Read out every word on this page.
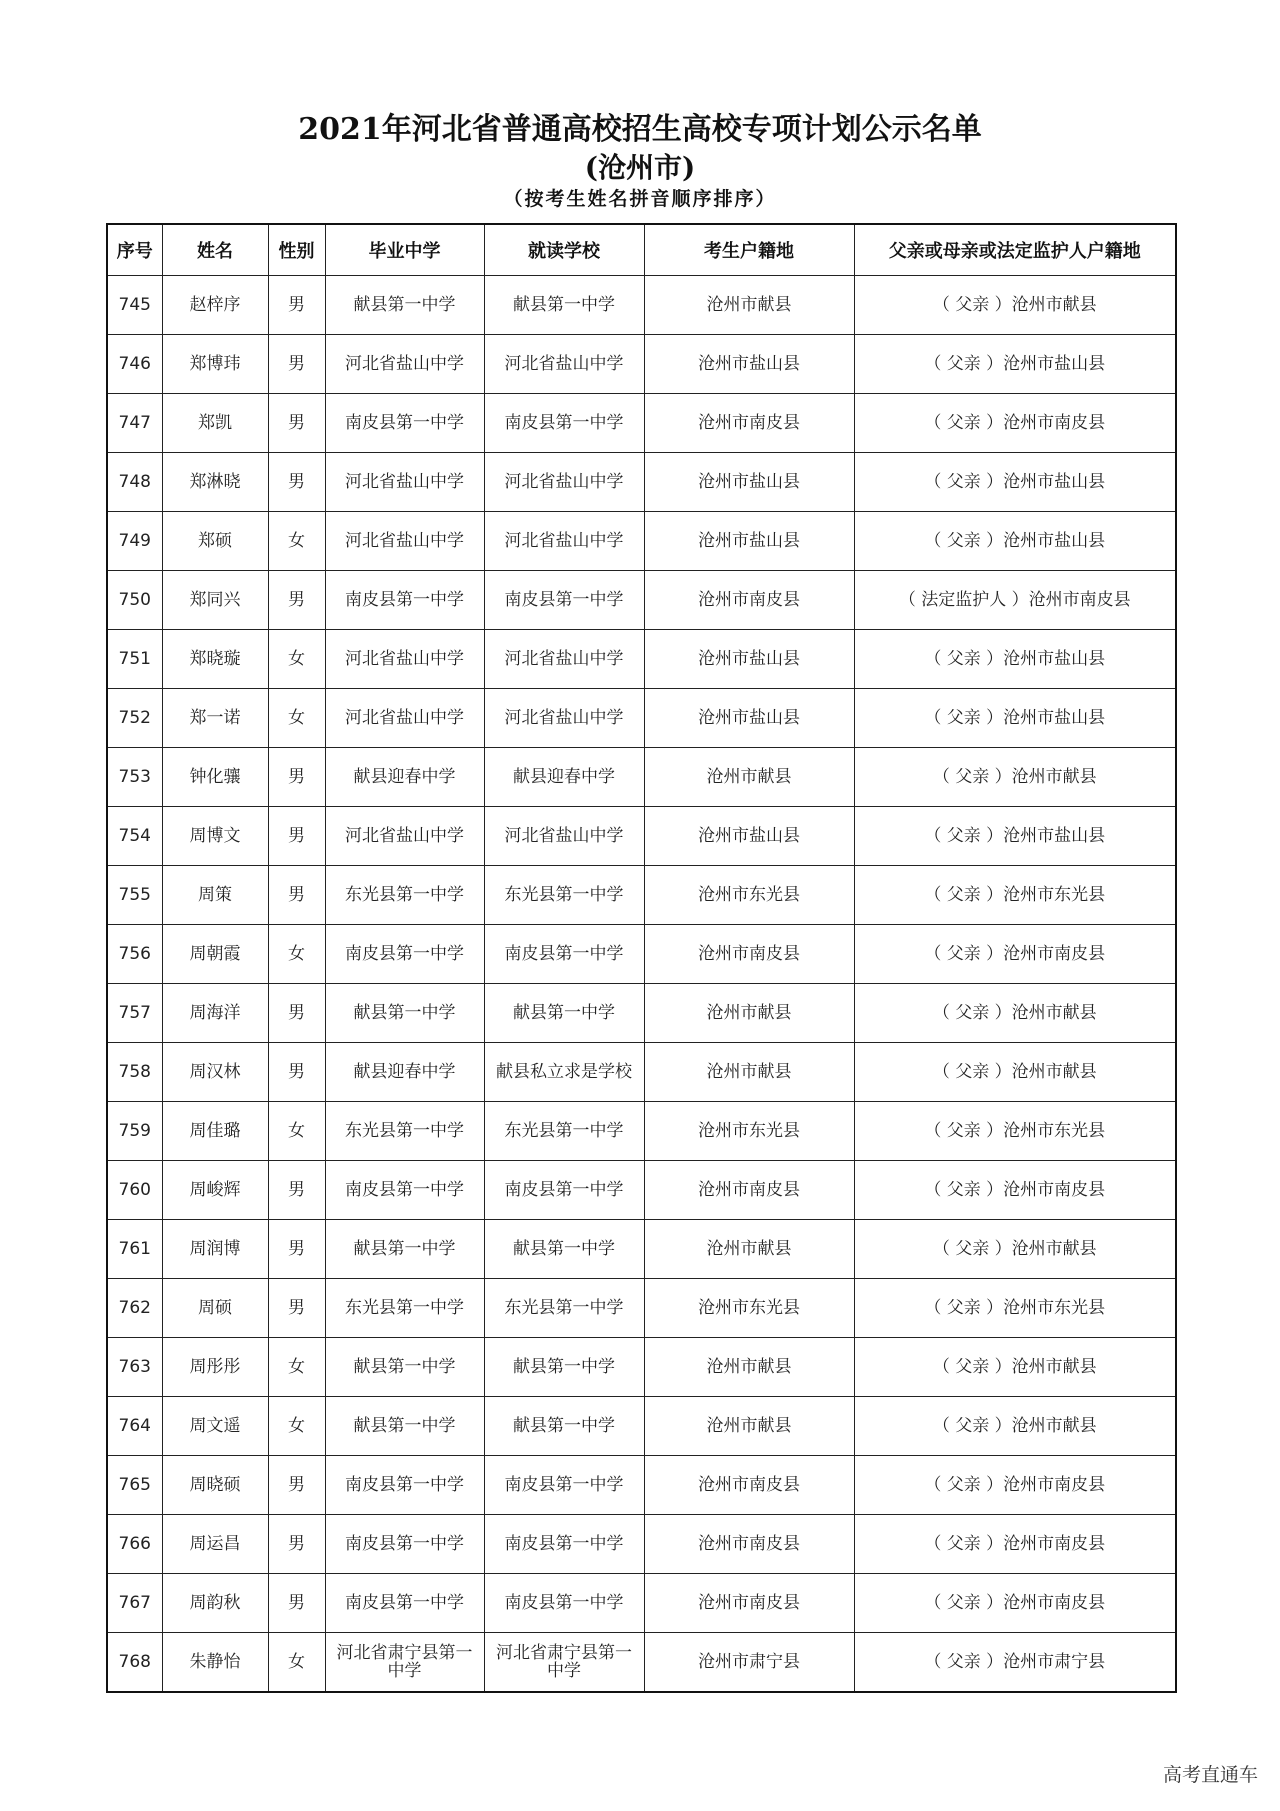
2021年河北省普通高校招生高校专项计划公示名单
(沧州市)
（按考生姓名拼音顺序排序）
序号	姓名	性别	毕业中学	就读学校	考生户籍地	父亲或母亲或法定监护人户籍地
745	赵梓序	男	献县第一中学	献县第一中学	沧州市献县	（ 父亲 ）沧州市献县
746	郑博玮	男	河北省盐山中学	河北省盐山中学	沧州市盐山县	（ 父亲 ）沧州市盐山县
747	郑凯	男	南皮县第一中学	南皮县第一中学	沧州市南皮县	（ 父亲 ）沧州市南皮县
748	郑淋晓	男	河北省盐山中学	河北省盐山中学	沧州市盐山县	（ 父亲 ）沧州市盐山县
749	郑硕	女	河北省盐山中学	河北省盐山中学	沧州市盐山县	（ 父亲 ）沧州市盐山县
750	郑同兴	男	南皮县第一中学	南皮县第一中学	沧州市南皮县	（ 法定监护人 ）沧州市南皮县
751	郑晓璇	女	河北省盐山中学	河北省盐山中学	沧州市盐山县	（ 父亲 ）沧州市盐山县
752	郑一诺	女	河北省盐山中学	河北省盐山中学	沧州市盐山县	（ 父亲 ）沧州市盐山县
753	钟化骧	男	献县迎春中学	献县迎春中学	沧州市献县	（ 父亲 ）沧州市献县
754	周博文	男	河北省盐山中学	河北省盐山中学	沧州市盐山县	（ 父亲 ）沧州市盐山县
755	周策	男	东光县第一中学	东光县第一中学	沧州市东光县	（ 父亲 ）沧州市东光县
756	周朝霞	女	南皮县第一中学	南皮县第一中学	沧州市南皮县	（ 父亲 ）沧州市南皮县
757	周海洋	男	献县第一中学	献县第一中学	沧州市献县	（ 父亲 ）沧州市献县
758	周汉林	男	献县迎春中学	献县私立求是学校	沧州市献县	（ 父亲 ）沧州市献县
759	周佳璐	女	东光县第一中学	东光县第一中学	沧州市东光县	（ 父亲 ）沧州市东光县
760	周峻辉	男	南皮县第一中学	南皮县第一中学	沧州市南皮县	（ 父亲 ）沧州市南皮县
761	周润博	男	献县第一中学	献县第一中学	沧州市献县	（ 父亲 ）沧州市献县
762	周硕	男	东光县第一中学	东光县第一中学	沧州市东光县	（ 父亲 ）沧州市东光县
763	周彤彤	女	献县第一中学	献县第一中学	沧州市献县	（ 父亲 ）沧州市献县
764	周文遥	女	献县第一中学	献县第一中学	沧州市献县	（ 父亲 ）沧州市献县
765	周晓硕	男	南皮县第一中学	南皮县第一中学	沧州市南皮县	（ 父亲 ）沧州市南皮县
766	周运昌	男	南皮县第一中学	南皮县第一中学	沧州市南皮县	（ 父亲 ）沧州市南皮县
767	周韵秋	男	南皮县第一中学	南皮县第一中学	沧州市南皮县	（ 父亲 ）沧州市南皮县
768	朱静怡	女	河北省肃宁县第一中学	河北省肃宁县第一中学	沧州市肃宁县	（ 父亲 ）沧州市肃宁县
高考直通车
